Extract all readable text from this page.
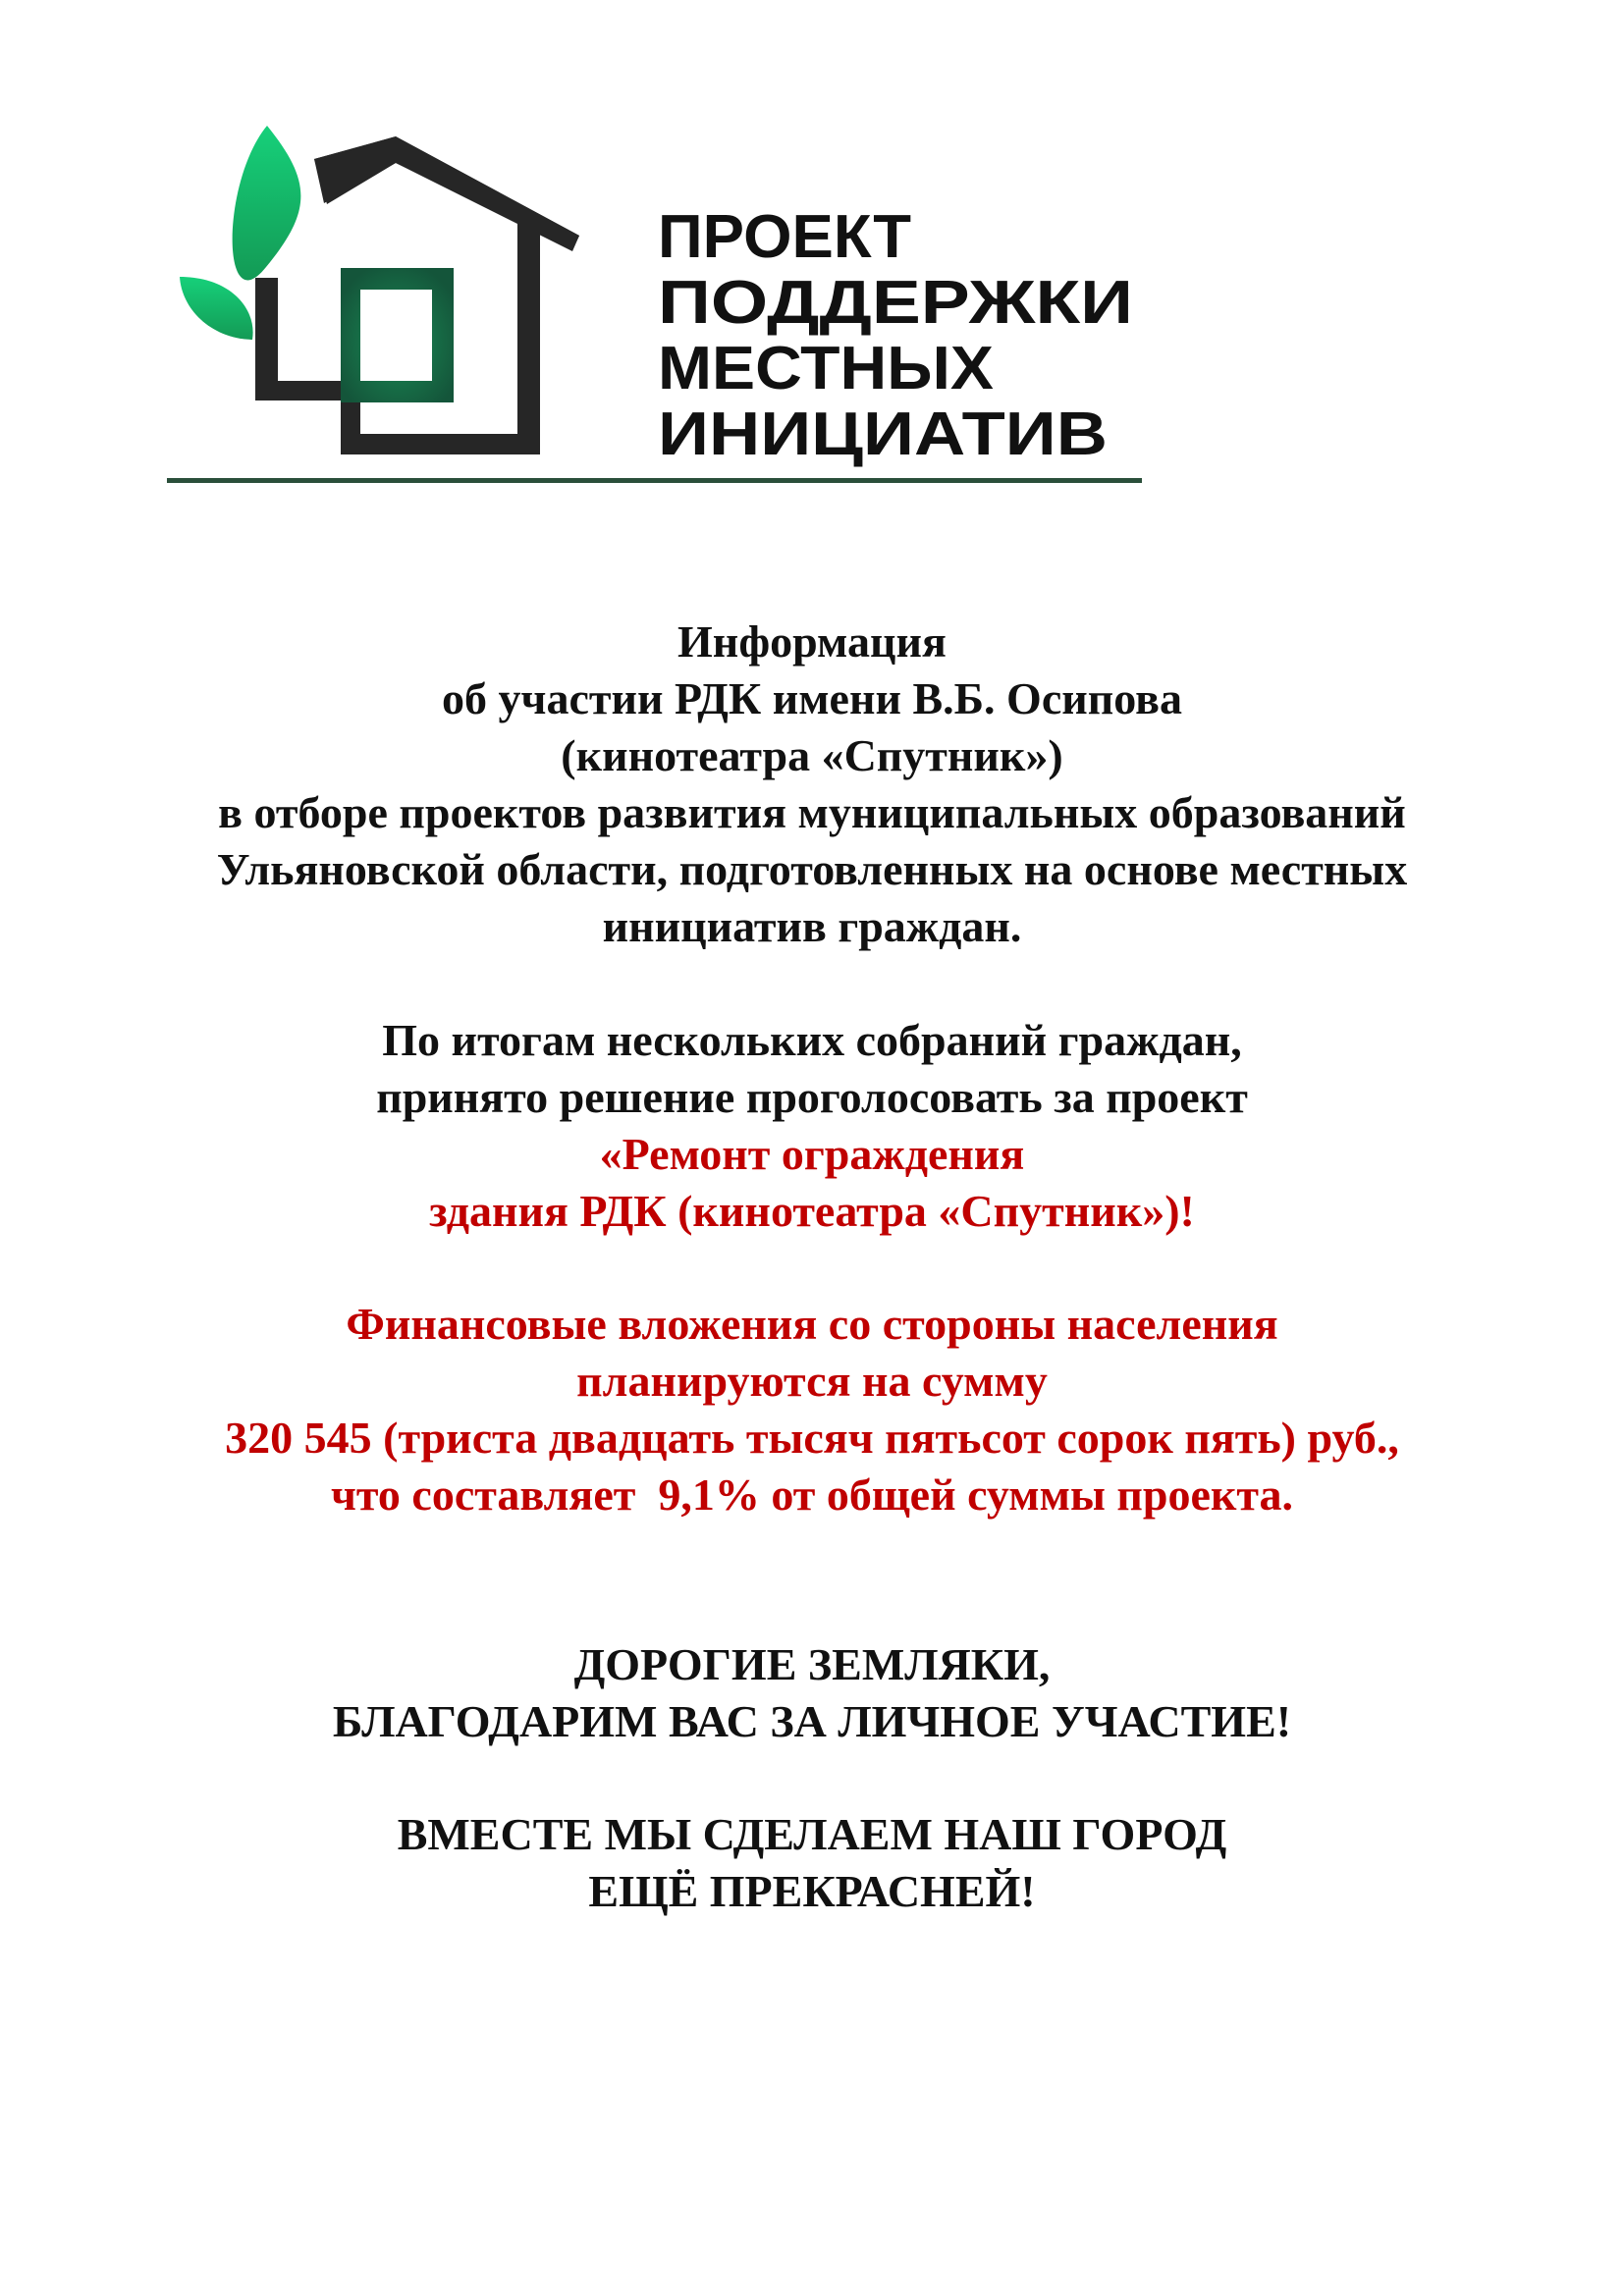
ПРОЕКТ
ПОДДЕРЖКИ
МЕСТНЫХ
ИНИЦИАТИВ
Информация
об участии РДК имени В.Б. Осипова
(кинотеатра «Спутник»)
в отборе проектов развития муниципальных образований
Ульяновской области, подготовленных на основе местных
инициатив граждан.
По итогам нескольких собраний граждан,
принято решение проголосовать за проект
«Ремонт ограждения
здания РДК (кинотеатра «Спутник»)!
Финансовые вложения со стороны населения
планируются на сумму
320 545 (триста двадцать тысяч пятьсот сорок пять) руб.,
что составляет  9,1% от общей суммы проекта.
ДОРОГИЕ ЗЕМЛЯКИ,
БЛАГОДАРИМ ВАС ЗА ЛИЧНОЕ УЧАСТИЕ!
ВМЕСТЕ МЫ СДЕЛАЕМ НАШ ГОРОД
ЕЩЁ ПРЕКРАСНЕЙ!
